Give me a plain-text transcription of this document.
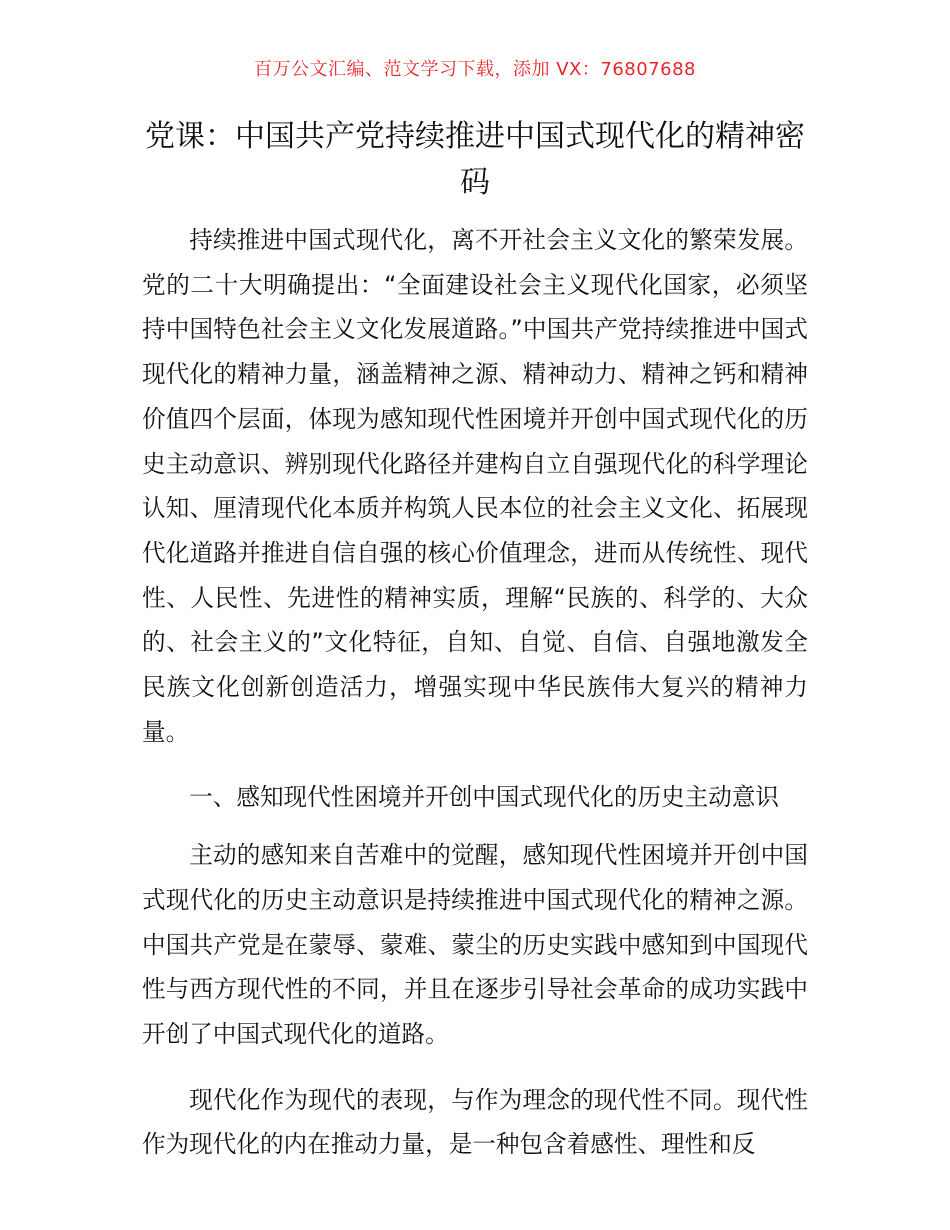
百万公文汇编、范文学习下载，添加 VX：76807688
党课：中国共产党持续推进中国式现代化的精神密码

持续推进中国式现代化，离不开社会主义文化的繁荣发展。党的二十大明确提出：“全面建设社会主义现代化国家，必须坚持中国特色社会主义文化发展道路。”中国共产党持续推进中国式现代化的精神力量，涵盖精神之源、精神动力、精神之钙和精神价值四个层面，体现为感知现代性困境并开创中国式现代化的历史主动意识、辨别现代化路径并建构自立自强现代化的科学理论认知、厘清现代化本质并构筑人民本位的社会主义文化、拓展现代化道路并推进自信自强的核心价值理念，进而从传统性、现代性、人民性、先进性的精神实质，理解“民族的、科学的、大众的、社会主义的”文化特征，自知、自觉、自信、自强地激发全民族文化创新创造活力，增强实现中华民族伟大复兴的精神力量。

一、感知现代性困境并开创中国式现代化的历史主动意识

主动的感知来自苦难中的觉醒，感知现代性困境并开创中国式现代化的历史主动意识是持续推进中国式现代化的精神之源。中国共产党是在蒙辱、蒙难、蒙尘的历史实践中感知到中国现代性与西方现代性的不同，并且在逐步引导社会革命的成功实践中开创了中国式现代化的道路。

现代化作为现代的表现，与作为理念的现代性不同。现代性作为现代化的内在推动力量，是一种包含着感性、理性和反
